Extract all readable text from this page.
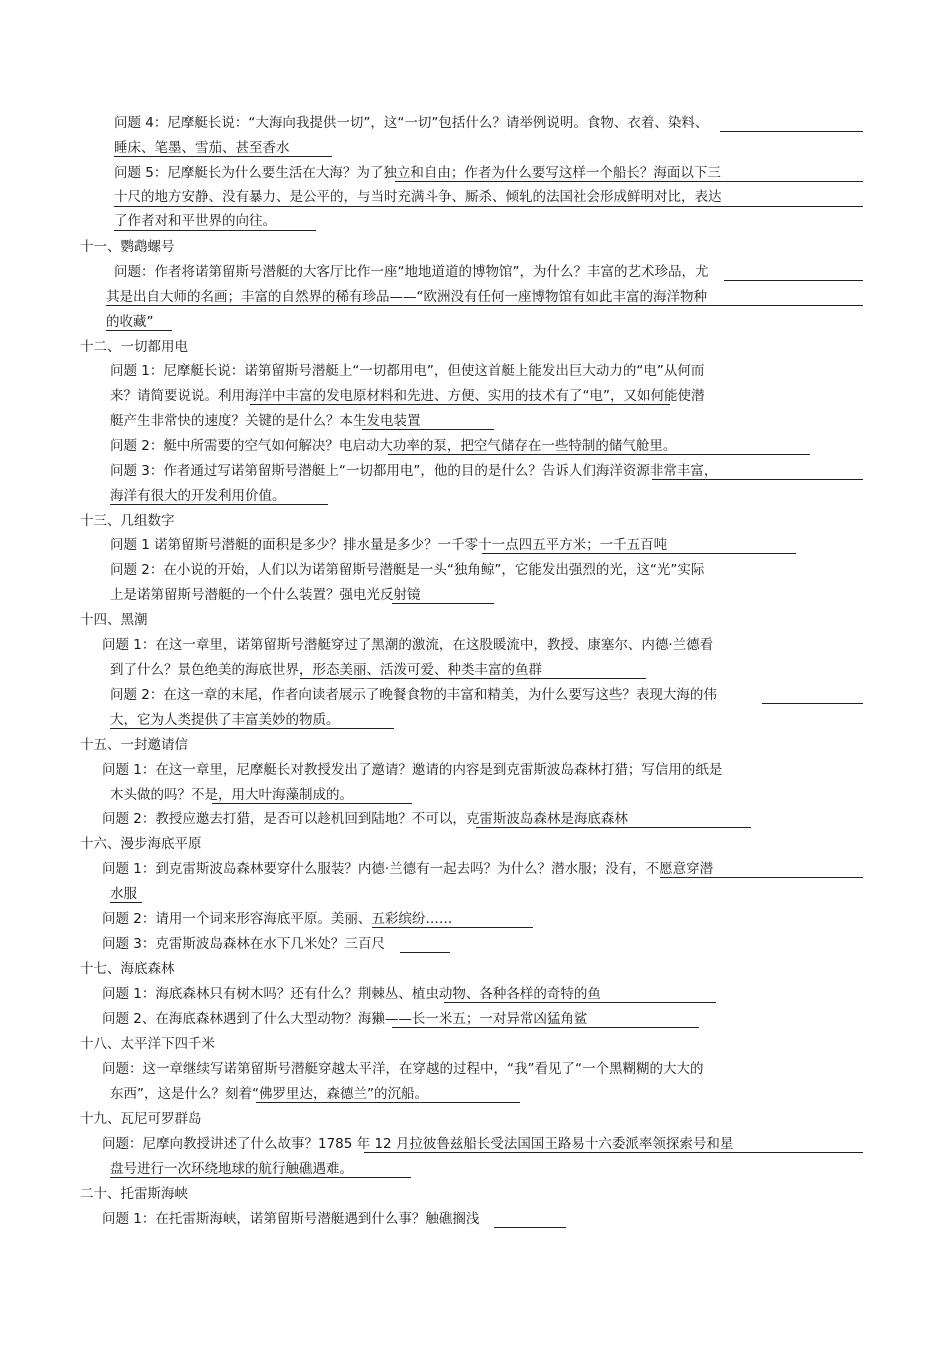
问题 4：尼摩艇长说：“大海向我提供一切”，这“一切”包括什么？请举例说明。食物、衣着、染料、
睡床、笔墨、雪茄、甚至香水
问题 5：尼摩艇长为什么要生活在大海？为了独立和自由；作者为什么要写这样一个船长？海面以下三
十尺的地方安静、没有暴力、是公平的，与当时充满斗争、厮杀、倾轧的法国社会形成鲜明对比，表达
了作者对和平世界的向往。
十一、鹦鹉螺号
问题：作者将诺第留斯号潜艇的大客厅比作一座“地地道道的博物馆”，为什么？丰富的艺术珍品，尤
其是出自大师的名画；丰富的自然界的稀有珍品——“欧洲没有任何一座博物馆有如此丰富的海洋物种
的收藏”
十二、一切都用电
问题 1：尼摩艇长说：诺第留斯号潜艇上“一切都用电”，但使这首艇上能发出巨大动力的“电”从何而
来？请简要说说。利用海洋中丰富的发电原材料和先进、方便、实用的技术有了“电”，又如何能使潜
艇产生非常快的速度？关键的是什么？本生发电装置
问题 2：艇中所需要的空气如何解决？电启动大功率的泵，把空气储存在一些特制的储气舱里。
问题 3：作者通过写诺第留斯号潜艇上“一切都用电”，他的目的是什么？告诉人们海洋资源非常丰富，
海洋有很大的开发利用价值。
十三、几组数字
问题 1 诺第留斯号潜艇的面积是多少？排水量是多少？一千零十一点四五平方米；一千五百吨
问题 2：在小说的开始，人们以为诺第留斯号潜艇是一头“独角鲸”，它能发出强烈的光，这“光”实际
上是诺第留斯号潜艇的一个什么装置？强电光反射镜
十四、黑潮
问题 1：在这一章里，诺第留斯号潜艇穿过了黑潮的激流，在这股暖流中，教授、康塞尔、内德·兰德看
到了什么？景色绝美的海底世界，形态美丽、活泼可爱、种类丰富的鱼群
问题 2：在这一章的末尾，作者向读者展示了晚餐食物的丰富和精美，为什么要写这些？表现大海的伟
大，它为人类提供了丰富美妙的物质。
十五、一封邀请信
问题 1：在这一章里，尼摩艇长对教授发出了邀请？邀请的内容是到克雷斯波岛森林打猎；写信用的纸是
木头做的吗？不是，用大叶海藻制成的。
问题 2：教授应邀去打猎，是否可以趁机回到陆地？不可以，克雷斯波岛森林是海底森林
十六、漫步海底平原
问题 1：到克雷斯波岛森林要穿什么服装？内德·兰德有一起去吗？为什么？潜水服；没有，不愿意穿潜
水服
问题 2：请用一个词来形容海底平原。美丽、五彩缤纷……
问题 3：克雷斯波岛森林在水下几米处？三百尺
十七、海底森林
问题 1：海底森林只有树木吗？还有什么？荆棘丛、植虫动物、各种各样的奇特的鱼
问题 2、在海底森林遇到了什么大型动物？海獭——长一米五；一对异常凶猛角鲨
十八、太平洋下四千米
问题：这一章继续写诺第留斯号潜艇穿越太平洋，在穿越的过程中，“我”看见了“一个黑糊糊的大大的
东西”，这是什么？刻着“佛罗里达，森德兰”的沉船。
十九、瓦尼可罗群岛
问题：尼摩向教授讲述了什么故事？1785 年 12 月拉彼鲁兹船长受法国国王路易十六委派率领探索号和星
盘号进行一次环绕地球的航行触礁遇难。
二十、托雷斯海峡
问题 1：在托雷斯海峡，诺第留斯号潜艇遇到什么事？触礁搁浅
